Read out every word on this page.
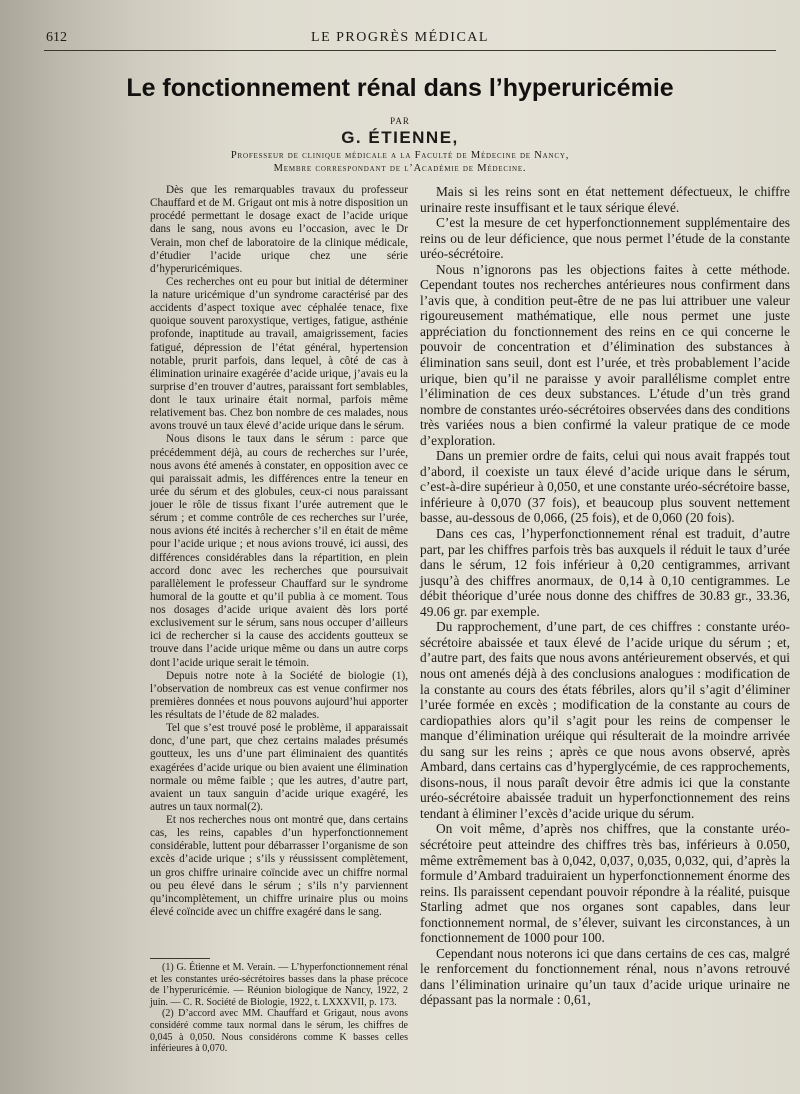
612	LE PROGRÈS MÉDICAL
Le fonctionnement rénal dans l’hyperuricémie
PAR
G. ÉTIENNE,
Professeur de clinique médicale a la Faculté de Médecine de Nancy,
Membre correspondant de l’Académie de Médecine.

Dès que les remarquables travaux du professeur Chauffard et de M. Grigaut ont mis à notre disposition un procédé permettant le dosage exact de l’acide urique dans le sang, nous avons eu l’occasion, avec le Dr Verain, mon chef de laboratoire de la clinique médicale, d’étudier l’acide urique chez une série d’hyperuricémiques.

Ces recherches ont eu pour but initial de déterminer la nature uricémique d’un syndrome caractérisé par des accidents d’aspect toxique avec céphalée tenace, fixe quoique souvent paroxystique, vertiges, fatigue, asthénie profonde, inaptitude au travail, amaigrissement, facies fatigué, dépression de l’état général, hypertension notable, prurit parfois, dans lequel, à côté de cas à élimination urinaire exagérée d’acide urique, j’avais eu la surprise d’en trouver d’autres, paraissant fort semblables, dont le taux urinaire était normal, parfois même relativement bas. Chez bon nombre de ces malades, nous avons trouvé un taux élevé d’acide urique dans le sérum.

Nous disons le taux dans le sérum : parce que précédemment déjà, au cours de recherches sur l’urée, nous avons été amenés à constater, en opposition avec ce qui paraissait admis, les différences entre la teneur en urée du sérum et des globules, ceux-ci nous paraissant jouer le rôle de tissus fixant l’urée autrement que le sérum ; et comme contrôle de ces recherches sur l’urée, nous avions été incités à rechercher s’il en était de même pour l’acide urique ; et nous avions trouvé, ici aussi, des différences considérables dans la répartition, en plein accord donc avec les recherches que poursuivait parallèlement le professeur Chauffard sur le syndrome humoral de la goutte et qu’il publia à ce moment. Tous nos dosages d’acide urique avaient dès lors porté exclusivement sur le sérum, sans nous occuper d’ailleurs ici de rechercher si la cause des accidents goutteux se trouve dans l’acide urique même ou dans un autre corps dont l’acide urique serait le témoin.

Depuis notre note à la Société de biologie (1), l’observation de nombreux cas est venue confirmer nos premières données et nous pouvons aujourd’hui apporter les résultats de l’étude de 82 malades.

Tel que s’est trouvé posé le problème, il apparaissait donc, d’une part, que chez certains malades présumés goutteux, les uns d’une part éliminaient des quantités exagérées d’acide urique ou bien avaient une élimination normale ou même faible ; que les autres, d’autre part, avaient un taux sanguin d’acide urique exagéré, les autres un taux normal(2).

Et nos recherches nous ont montré que, dans certains cas, les reins, capables d’un hyperfonctionnement considérable, luttent pour débarrasser l’organisme de son excès d’acide urique ; s’ils y réussissent complètement, un gros chiffre urinaire coïncide avec un chiffre normal ou peu élevé dans le sérum ; s’ils n’y parviennent qu’incomplètement, un chiffre urinaire plus ou moins élevé coïncide avec un chiffre exagéré dans le sang.

Mais si les reins sont en état nettement défectueux, le chiffre urinaire reste insuffisant et le taux sérique élevé.

C’est la mesure de cet hyperfonctionnement supplémentaire des reins ou de leur déficience, que nous permet l’étude de la constante uréo-sécrétoire.

Nous n’ignorons pas les objections faites à cette méthode. Cependant toutes nos recherches antérieures nous confirment dans l’avis que, à condition peut-être de ne pas lui attribuer une valeur rigoureusement mathématique, elle nous permet une juste appréciation du fonctionnement des reins en ce qui concerne le pouvoir de concentration et d’élimination des substances à élimination sans seuil, dont est l’urée, et très probablement l’acide urique, bien qu’il ne paraisse y avoir parallélisme complet entre l’élimination de ces deux substances. L’étude d’un très grand nombre de constantes uréo-sécrétoires observées dans des conditions très variées nous a bien confirmé la valeur pratique de ce mode d’exploration.

Dans un premier ordre de faits, celui qui nous avait frappés tout d’abord, il coexiste un taux élevé d’acide urique dans le sérum, c’est-à-dire supérieur à 0,050, et une constante uréo-sécrétoire basse, inférieure à 0,070 (37 fois), et beaucoup plus souvent nettement basse, au-dessous de 0,066, (25 fois), et de 0,060 (20 fois).

Dans ces cas, l’hyperfonctionnement rénal est traduit, d’autre part, par les chiffres parfois très bas auxquels il réduit le taux d’urée dans le sérum, 12 fois inférieur à 0,20 centigrammes, arrivant jusqu’à des chiffres anormaux, de 0,14 à 0,10 centigrammes. Le débit théorique d’urée nous donne des chiffres de 30.83 gr., 33.36, 49.06 gr. par exemple.

Du rapprochement, d’une part, de ces chiffres : constante uréo-sécrétoire abaissée et taux élevé de l’acide urique du sérum ; et, d’autre part, des faits que nous avons antérieurement observés, et qui nous ont amenés déjà à des conclusions analogues : modification de la constante au cours des états fébriles, alors qu’il s’agit d’éliminer l’urée formée en excès ; modification de la constante au cours de cardiopathies alors qu’il s’agit pour les reins de compenser le manque d’élimination uréique qui résulterait de la moindre arrivée du sang sur les reins ; après ce que nous avons observé, après Ambard, dans certains cas d’hyperglycémie, de ces rapprochements, disons-nous, il nous paraît devoir être admis ici que la constante uréo-sécrétoire abaissée traduit un hyperfonctionnement des reins tendant à éliminer l’excès d’acide urique du sérum.

On voit même, d’après nos chiffres, que la constante uréo-sécrétoire peut atteindre des chiffres très bas, inférieurs à 0.050, même extrêmement bas à 0,042, 0,037, 0,035, 0,032, qui, d’après la formule d’Ambard traduiraient un hyperfonctionnement énorme des reins. Ils paraissent cependant pouvoir répondre à la réalité, puisque Starling admet que nos organes sont capables, dans leur fonctionnement normal, de s’élever, suivant les circonstances, à un fonctionnement de 1000 pour 100.

Cependant nous noterons ici que dans certains de ces cas, malgré le renforcement du fonctionnement rénal, nous n’avons retrouvé dans l’élimination urinaire qu’un taux d’acide urique urinaire ne dépassant pas la normale : 0,61,

(1) G. Étienne et M. Verain. — L’hyperfonctionnement rénal et les constantes uréo-sécrétoires basses dans la phase précoce de l’hyperuricémie. — Réunion biologique de Nancy, 1922, 2 juin. — C. R. Société de Biologie, 1922, t. LXXXVII, p. 173.

(2) D’accord avec MM. Chauffard et Grigaut, nous avons considéré comme taux normal dans le sérum, les chiffres de 0,045 à 0,050. Nous considérons comme K basses celles inférieures à 0,070.
